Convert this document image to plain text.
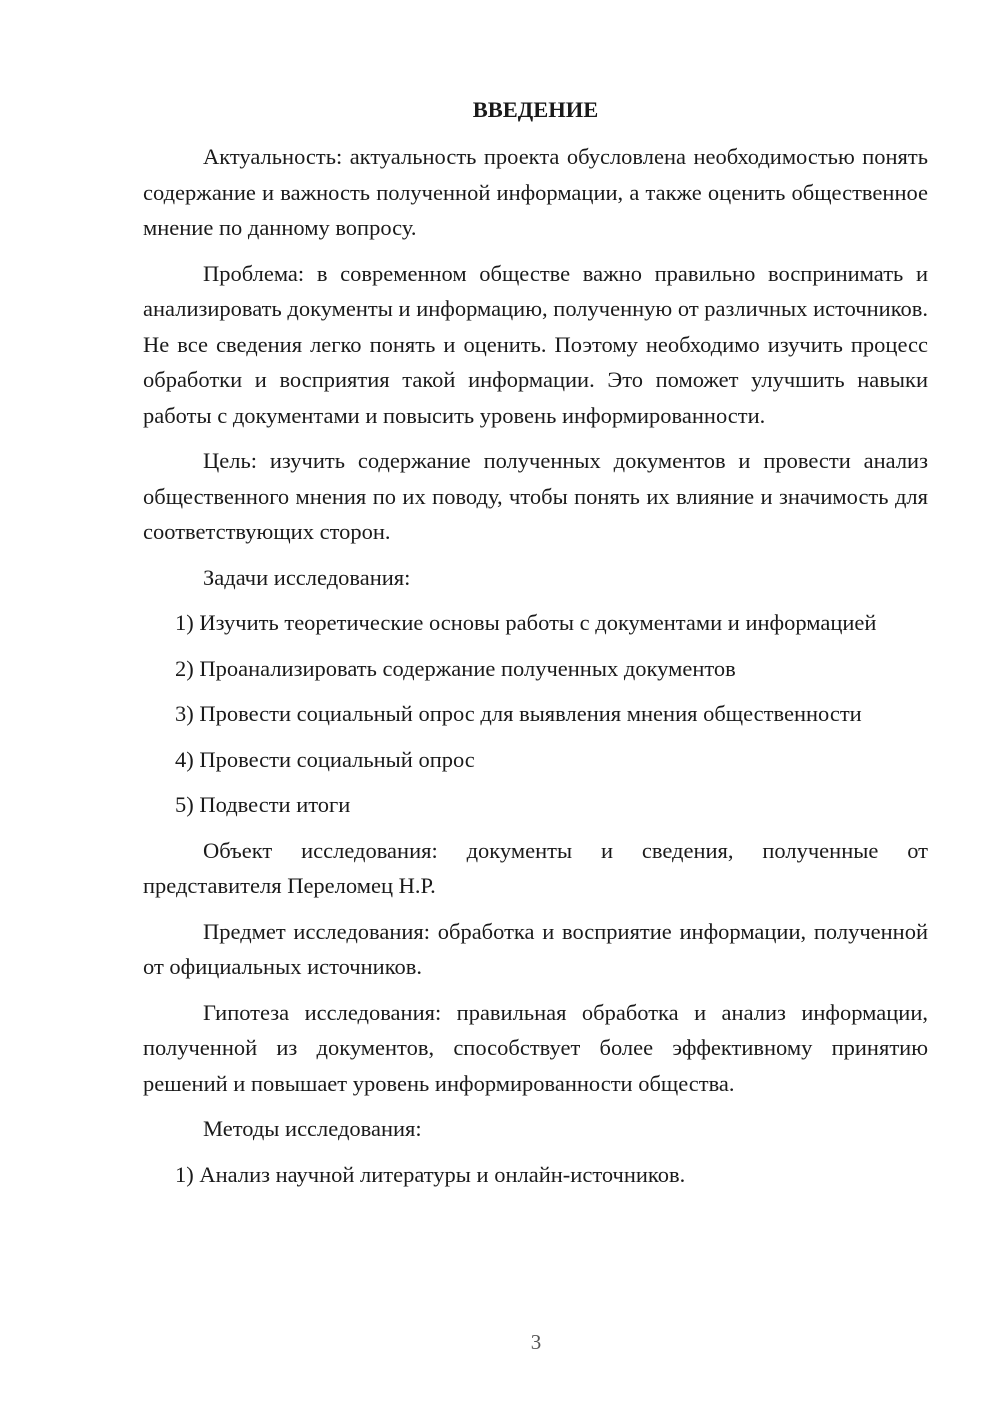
ВВЕДЕНИЕ

Актуальность: актуальность проекта обусловлена необходимостью понять содержание и важность полученной информации, а также оценить общественное мнение по данному вопросу.

Проблема: в современном обществе важно правильно воспринимать и анализировать документы и информацию, полученную от различных источников. Не все сведения легко понять и оценить. Поэтому необходимо изучить процесс обработки и восприятия такой информации. Это поможет улучшить навыки работы с документами и повысить уровень информированности.

Цель: изучить содержание полученных документов и провести анализ общественного мнения по их поводу, чтобы понять их влияние и значимость для соответствующих сторон.

Задачи исследования:

1) Изучить теоретические основы работы с документами и информацией

2) Проанализировать содержание полученных документов

3) Провести социальный опрос для выявления мнения общественности

4) Провести социальный опрос

5) Подвести итоги

Объект исследования: документы и сведения, полученные от представителя Переломец Н.Р.

Предмет исследования: обработка и восприятие информации, полученной от официальных источников.

Гипотеза исследования: правильная обработка и анализ информации, полученной из документов, способствует более эффективному принятию решений и повышает уровень информированности общества.

Методы исследования:

1) Анализ научной литературы и онлайн-источников.

3
